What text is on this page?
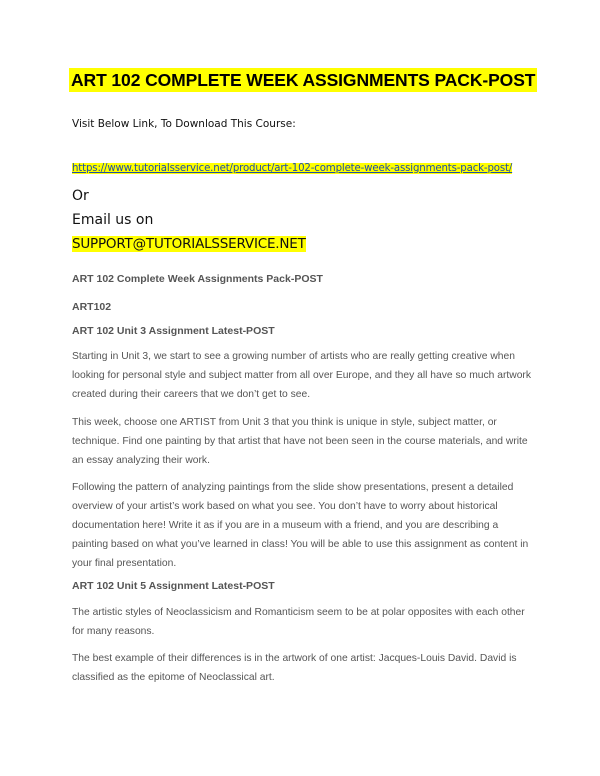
ART 102 COMPLETE WEEK ASSIGNMENTS PACK-POST
Visit Below Link, To Download This Course:
https://www.tutorialsservice.net/product/art-102-complete-week-assignments-pack-post/
Or
Email us on
SUPPORT@TUTORIALSSERVICE.NET
ART 102 Complete Week Assignments Pack-POST
ART102
ART 102 Unit 3 Assignment Latest-POST

Starting in Unit 3, we start to see a growing number of artists who are really getting creative when looking for personal style and subject matter from all over Europe, and they all have so much artwork created during their careers that we don’t get to see.

This week, choose one ARTIST from Unit 3 that you think is unique in style, subject matter, or technique. Find one painting by that artist that have not been seen in the course materials, and write an essay analyzing their work.

Following the pattern of analyzing paintings from the slide show presentations, present a detailed overview of your artist’s work based on what you see. You don’t have to worry about historical documentation here! Write it as if you are in a museum with a friend, and you are describing a painting based on what you’ve learned in class! You will be able to use this assignment as content in your final presentation.

ART 102 Unit 5 Assignment Latest-POST

The artistic styles of Neoclassicism and Romanticism seem to be at polar opposites with each other for many reasons.

The best example of their differences is in the artwork of one artist: Jacques-Louis David. David is classified as the epitome of Neoclassical art.
